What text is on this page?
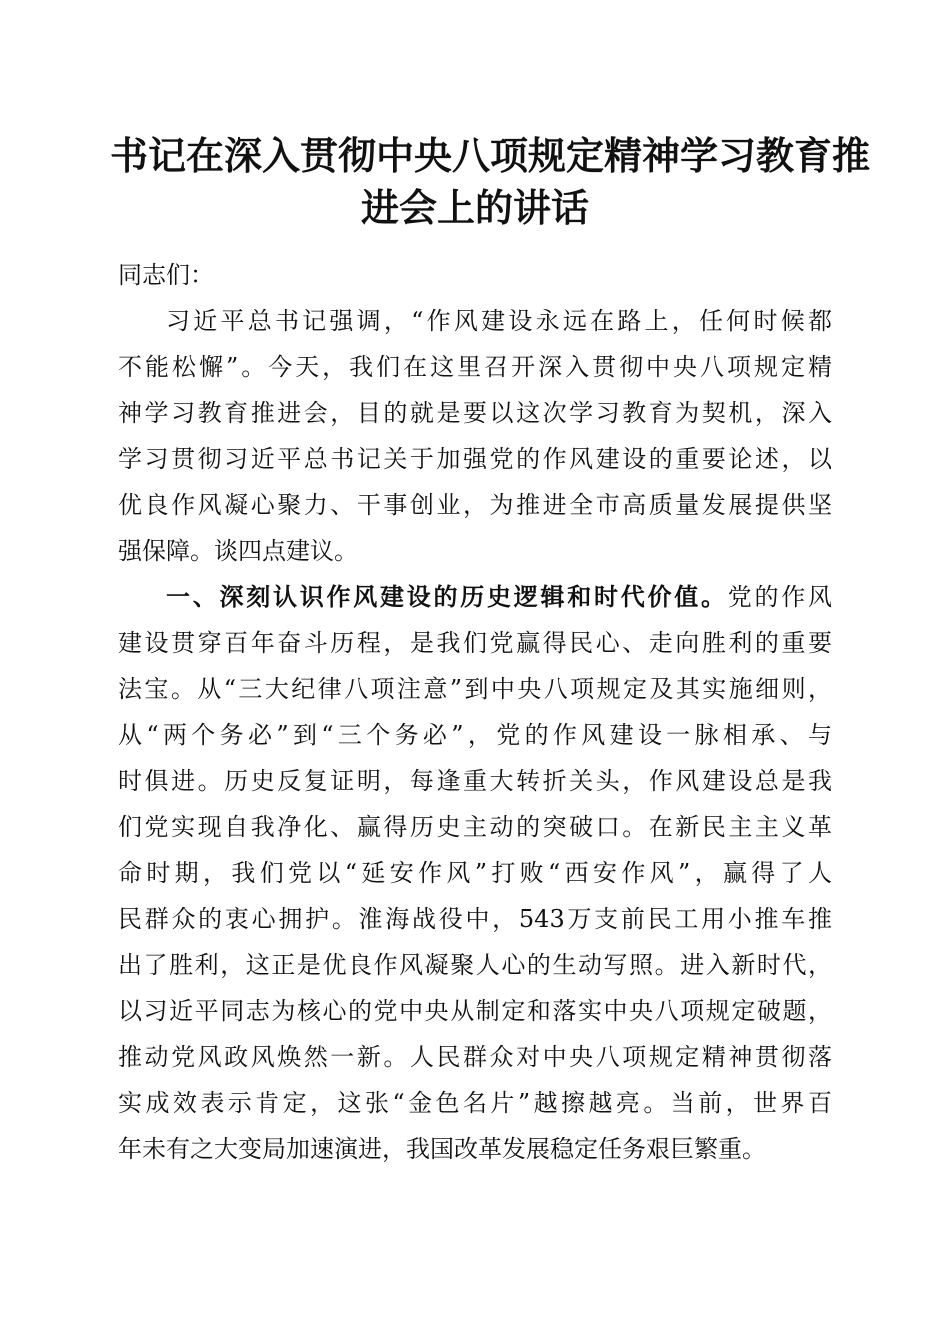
书记在深入贯彻中央八项规定精神学习教育推
进会上的讲话
同志们：
习近平总书记强调，“作风建设永远在路上，任何时候都
不能松懈”。今天，我们在这里召开深入贯彻中央八项规定精
神学习教育推进会，目的就是要以这次学习教育为契机，深入
学习贯彻习近平总书记关于加强党的作风建设的重要论述，以
优良作风凝心聚力、干事创业，为推进全市高质量发展提供坚
强保障。谈四点建议。
一、深刻认识作风建设的历史逻辑和时代价值。党的作风
建设贯穿百年奋斗历程，是我们党赢得民心、走向胜利的重要
法宝。从“三大纪律八项注意”到中央八项规定及其实施细则，
从“两个务必”到“三个务必”，党的作风建设一脉相承、与
时俱进。历史反复证明，每逢重大转折关头，作风建设总是我
们党实现自我净化、赢得历史主动的突破口。在新民主主义革
命时期，我们党以“延安作风”打败“西安作风”，赢得了人
民群众的衷心拥护。淮海战役中，543万支前民工用小推车推
出了胜利，这正是优良作风凝聚人心的生动写照。进入新时代，
以习近平同志为核心的党中央从制定和落实中央八项规定破题，
推动党风政风焕然一新。人民群众对中央八项规定精神贯彻落
实成效表示肯定，这张“金色名片”越擦越亮。当前，世界百
年未有之大变局加速演进，我国改革发展稳定任务艰巨繁重。
